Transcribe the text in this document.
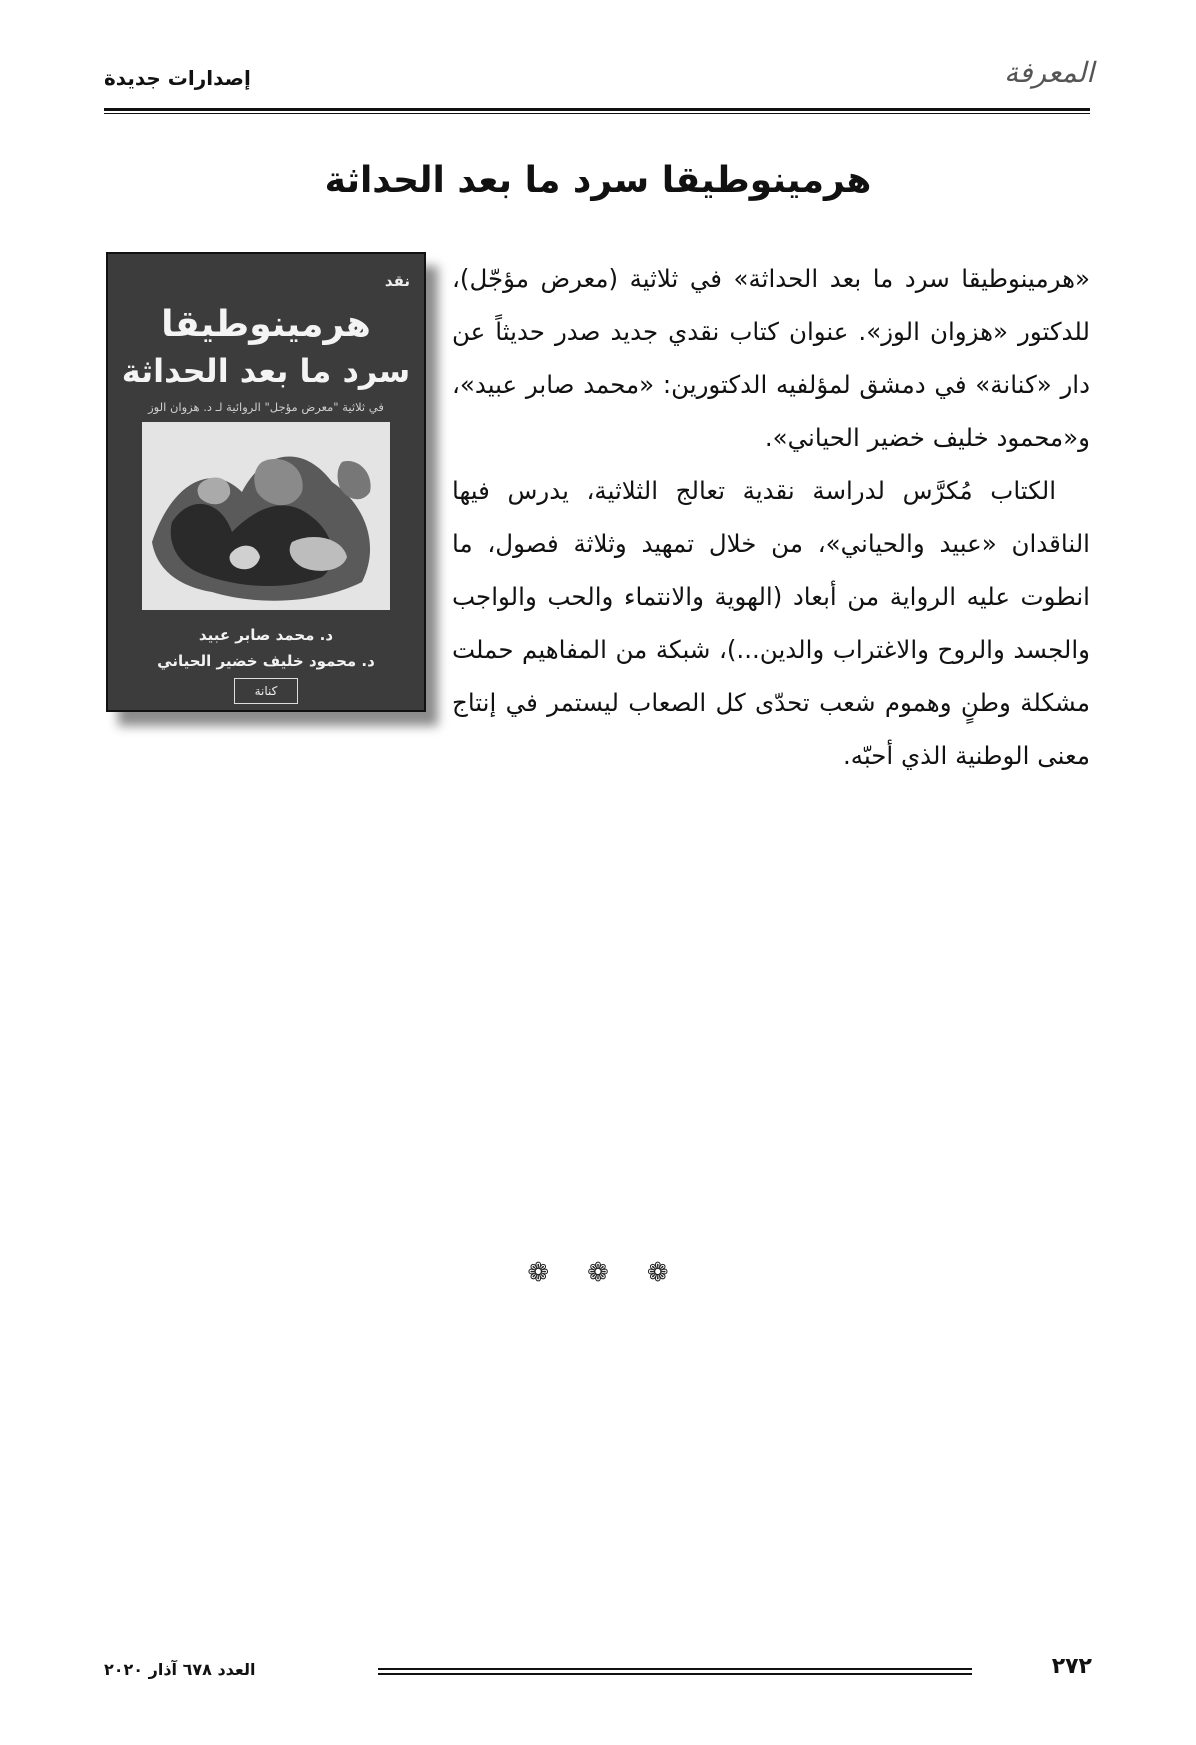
إصدارات جديدة	المعرفة
هرمينوطيقا سرد ما بعد الحداثة

«هرمينوطيقا سرد ما بعد الحداثة» في ثلاثية (معرض مؤجّل)، للدكتور «هزوان الوز». عنوان كتاب نقدي جديد صدر حديثاً عن دار «كنانة» في دمشق لمؤلفيه الدكتورين: «محمد صابر عبيد»، و«محمود خليف خضير الحياني».

الكتاب مُكرَّس لدراسة نقدية تعالج الثلاثية، يدرس فيها الناقدان «عبيد والحياني»، من خلال تمهيد وثلاثة فصول، ما انطوت عليه الرواية من أبعاد (الهوية والانتماء والحب والواجب والجسد والروح والاغتراب والدين...)، شبكة من المفاهيم حملت مشكلة وطنٍ وهموم شعب تحدّى كل الصعاب ليستمر في إنتاج معنى الوطنية الذي أحبّه.

نقد
هرمينوطيقا
سرد ما بعد الحداثة
في ثلاثية "معرض مؤجل" الروائية لـ د. هزوان الوز
د. محمد صابر عبيد
د. محمود خليف خضير الحياني
كنانة
❁❁❁
العدد ٦٧٨ آذار ٢٠٢٠	٢٧٢
